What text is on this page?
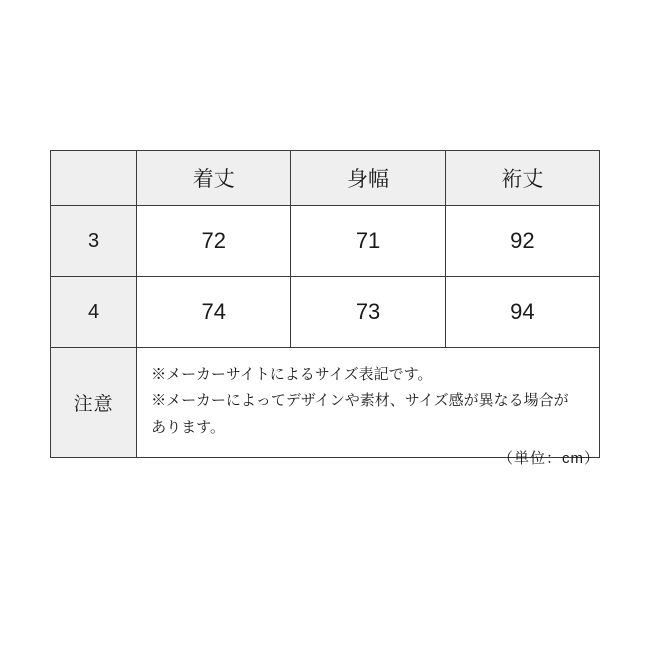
	着丈	身幅	裄丈
3	72	71	92
4	74	73	94
注意	※メーカーサイトによるサイズ表記です。
※メーカーによってデザインや素材、サイズ感が異なる場合が
あります。		
（単位：cm）
